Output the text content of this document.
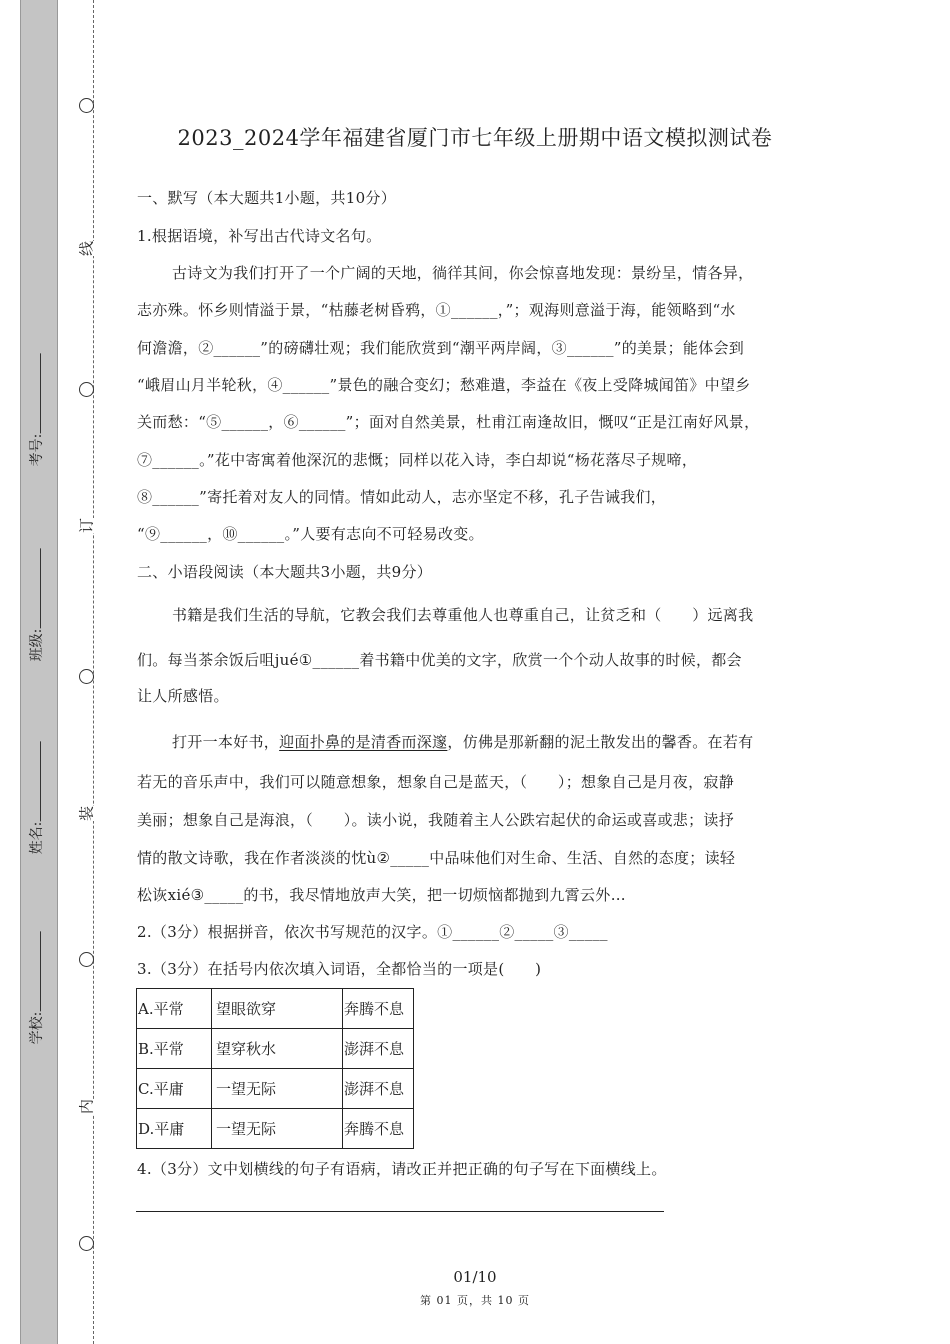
线
订
装
内
考号:
班级:
姓名:
学校:
2023_2024学年福建省厦门市七年级上册期中语文模拟测试卷
一、默写（本大题共1小题，共10分）
1.根据语境，补写出古代诗文名句。
古诗文为我们打开了一个广阔的天地，徜徉其间，你会惊喜地发现：景纷呈，情各异，
志亦殊。怀乡则情溢于景，“枯藤老树昏鸦，①______，”；观海则意溢于海，能领略到“水
何澹澹，②______”的磅礴壮观；我们能欣赏到“潮平两岸阔，③______”的美景；能体会到
“峨眉山月半轮秋，④______”景色的融合变幻；愁难遣，李益在《夜上受降城闻笛》中望乡
关而愁：“⑤______，⑥______”；面对自然美景，杜甫江南逢故旧，慨叹“正是江南好风景，
⑦______。”花中寄寓着他深沉的悲慨；同样以花入诗，李白却说“杨花落尽子规啼，
⑧______”寄托着对友人的同情。情如此动人，志亦坚定不移，孔子告诫我们，
“⑨______，⑩______。”人要有志向不可轻易改变。
二、小语段阅读（本大题共3小题，共9分）
书籍是我们生活的导航，它教会我们去尊重他人也尊重自己，让贫乏和（　　）远离我
们。每当茶余饭后咀jué①______着书籍中优美的文字，欣赏一个个动人故事的时候，都会
让人所感悟。
打开一本好书，迎面扑鼻的是清香而深邃，仿佛是那新翻的泥土散发出的馨香。在若有
若无的音乐声中，我们可以随意想象，想象自己是蓝天，（　　）；想象自己是月夜，寂静
美丽；想象自己是海浪，（　　）。读小说，我随着主人公跌宕起伏的命运或喜或悲；读抒
情的散文诗歌，我在作者淡淡的忱ù②_____中品味他们对生命、生活、自然的态度；读轻
松诙xié③_____的书，我尽情地放声大笑，把一切烦恼都抛到九霄云外…
2.（3分）根据拼音，依次书写规范的汉字。①______②_____③_____
3.（3分）在括号内依次填入词语，全都恰当的一项是(　　)
A.平常	望眼欲穿	奔腾不息
B.平常	望穿秋水	澎湃不息
C.平庸	一望无际	澎湃不息
D.平庸	一望无际	奔腾不息
4.（3分）文中划横线的句子有语病，请改正并把正确的句子写在下面横线上。
01/10
第 01 页，共 10 页
